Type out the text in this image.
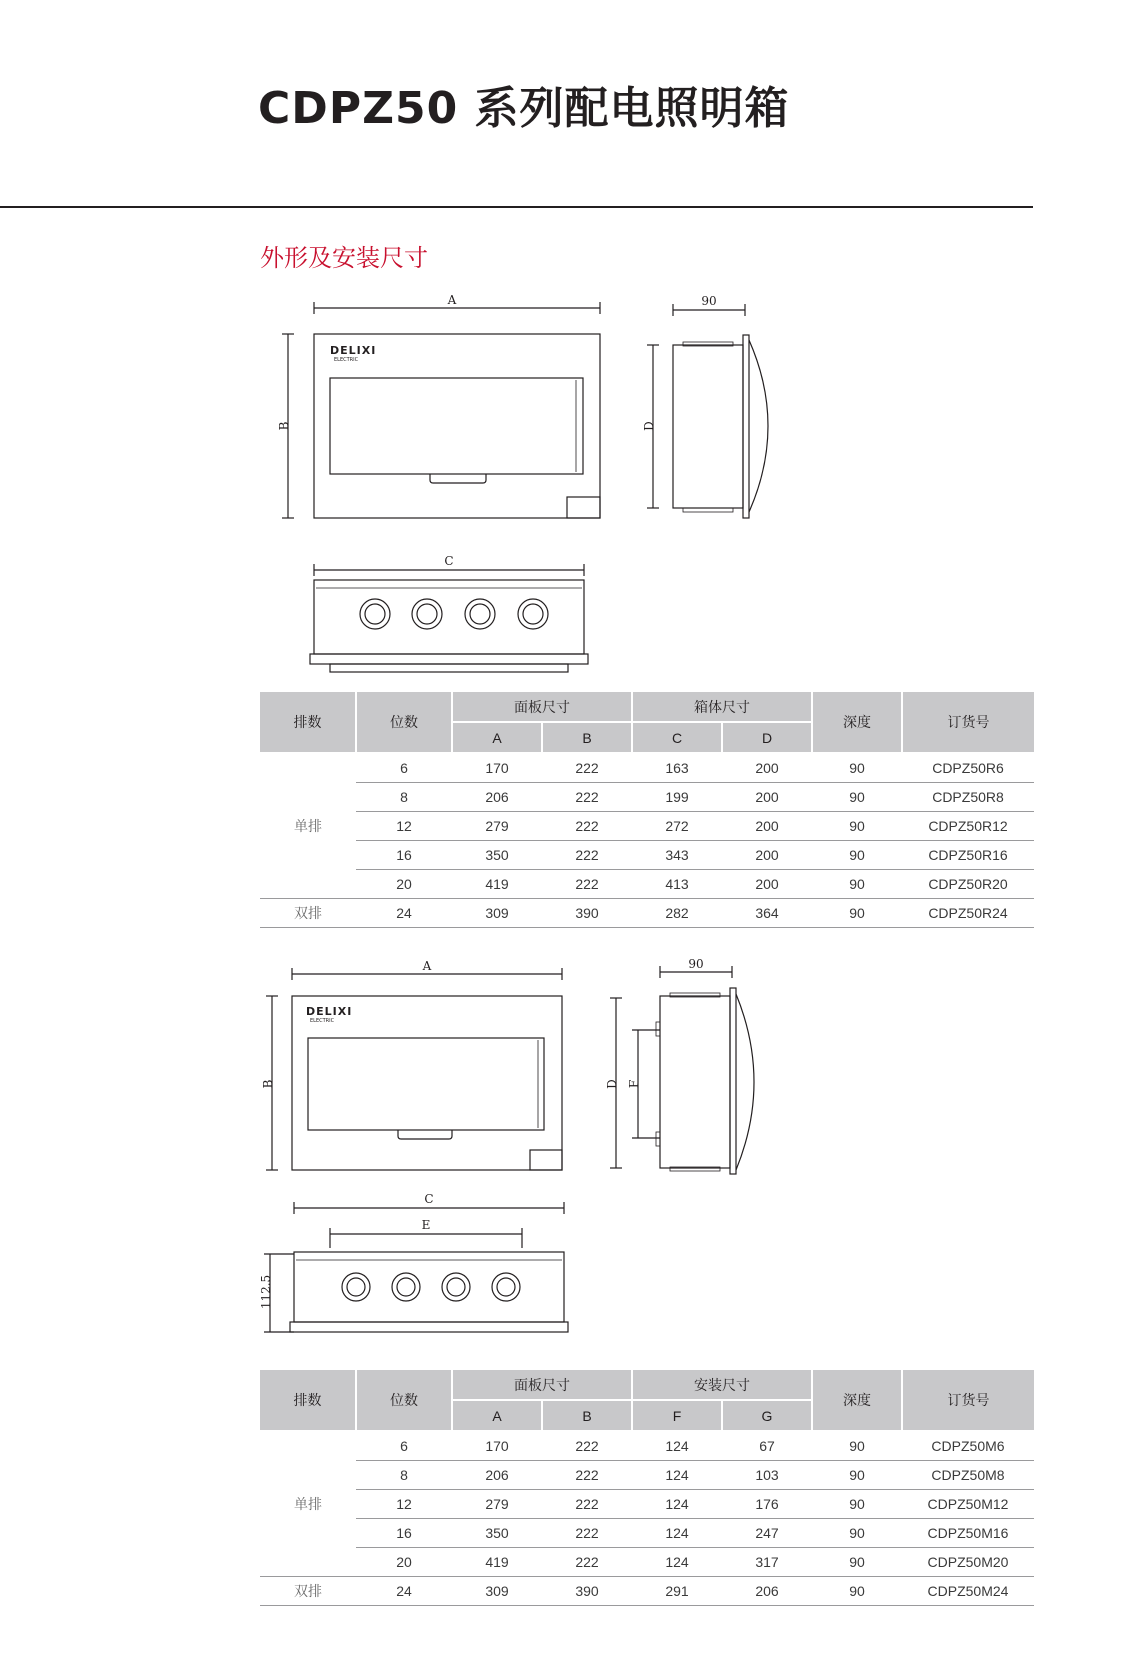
CDPZ50 系列配电照明箱
外形及安装尺寸
A
B
DELIXI
ELECTRIC
90
D
C
排数	位数	面板尺寸		箱体尺寸		深度	订货号
		A	B	C	D		
单排	6	170	222	163	200	90	CDPZ50R6
	8	206	222	199	200	90	CDPZ50R8
	12	279	222	272	200	90	CDPZ50R12
	16	350	222	343	200	90	CDPZ50R16
	20	419	222	413	200	90	CDPZ50R20
双排	24	309	390	282	364	90	CDPZ50R24
A
B
DELIXI
ELECTRIC
90
D F
C
E
112.5
排数	位数	面板尺寸		安装尺寸		深度	订货号
		A	B	F	G		
单排	6	170	222	124	67	90	CDPZ50M6
	8	206	222	124	103	90	CDPZ50M8
	12	279	222	124	176	90	CDPZ50M12
	16	350	222	124	247	90	CDPZ50M16
	20	419	222	124	317	90	CDPZ50M20
双排	24	309	390	291	206	90	CDPZ50M24
